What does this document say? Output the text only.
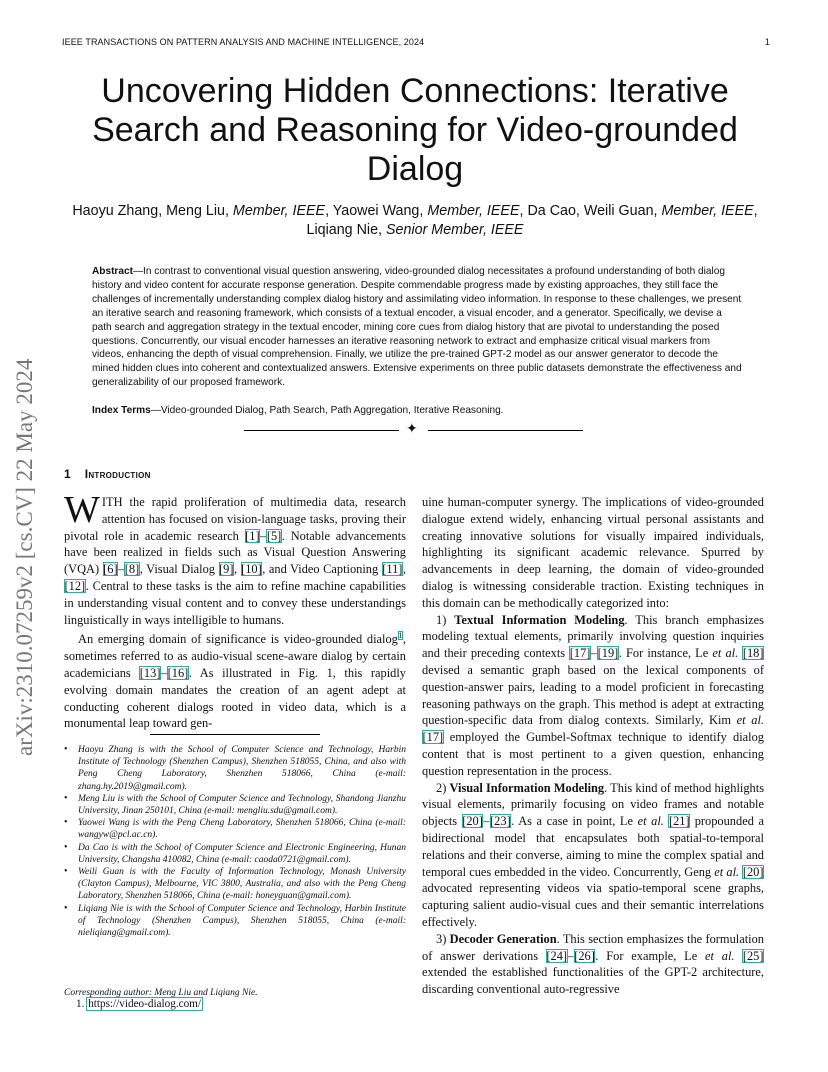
IEEE TRANSACTIONS ON PATTERN ANALYSIS AND MACHINE INTELLIGENCE, 2024	1
Uncovering Hidden Connections: Iterative Search and Reasoning for Video-grounded Dialog
Haoyu Zhang, Meng Liu, Member, IEEE, Yaowei Wang, Member, IEEE, Da Cao, Weili Guan, Member, IEEE, Liqiang Nie, Senior Member, IEEE
arXiv:2310.07259v2 [cs.CV] 22 May 2024
Abstract—In contrast to conventional visual question answering, video-grounded dialog necessitates a profound understanding of both dialog history and video content for accurate response generation. Despite commendable progress made by existing approaches, they still face the challenges of incrementally understanding complex dialog history and assimilating video information. In response to these challenges, we present an iterative search and reasoning framework, which consists of a textual encoder, a visual encoder, and a generator. Specifically, we devise a path search and aggregation strategy in the textual encoder, mining core cues from dialog history that are pivotal to understanding the posed questions. Concurrently, our visual encoder harnesses an iterative reasoning network to extract and emphasize critical visual markers from videos, enhancing the depth of visual comprehension. Finally, we utilize the pre-trained GPT-2 model as our answer generator to decode the mined hidden clues into coherent and contextualized answers. Extensive experiments on three public datasets demonstrate the effectiveness and generalizability of our proposed framework.
Index Terms—Video-grounded Dialog, Path Search, Path Aggregation, Iterative Reasoning.
✦
1 Introduction

WITH the rapid proliferation of multimedia data, research attention has focused on vision-language tasks, proving their pivotal role in academic research [1]–[5]. Notable advancements have been realized in fields such as Visual Question Answering (VQA) [6]–[8], Visual Dialog [9], [10], and Video Captioning [11], [12]. Central to these tasks is the aim to refine machine capabilities in understanding visual content and to convey these understandings linguistically in ways intelligible to humans.

An emerging domain of significance is video-grounded dialog$^1$, sometimes referred to as audio-visual scene-aware dialog by certain academicians [13]–[16]. As illustrated in Fig. 1, this rapidly evolving domain mandates the creation of an agent adept at conducting coherent dialogs rooted in video data, which is a monumental leap toward gen-

uine human-computer synergy. The implications of video-grounded dialogue extend widely, enhancing virtual personal assistants and creating innovative solutions for visually impaired individuals, highlighting its significant academic relevance. Spurred by advancements in deep learning, the domain of video-grounded dialog is witnessing considerable traction. Existing techniques in this domain can be methodically categorized into:

1) Textual Information Modeling. This branch emphasizes modeling textual elements, primarily involving question inquiries and their preceding contexts [17]–[19]. For instance, Le et al. [18] devised a semantic graph based on the lexical components of question-answer pairs, leading to a model proficient in forecasting reasoning pathways on the graph. This method is adept at extracting question-specific data from dialog contexts. Similarly, Kim et al. [17] employed the Gumbel-Softmax technique to identify dialog content that is most pertinent to a given question, enhancing question representation in the process.

2) Visual Information Modeling. This kind of method highlights visual elements, primarily focusing on video frames and notable objects [20]–[23]. As a case in point, Le et al. [21] propounded a bidirectional model that encapsulates both spatial-to-temporal relations and their converse, aiming to mine the complex spatial and temporal cues embedded in the video. Concurrently, Geng et al. [20] advocated representing videos via spatio-temporal scene graphs, capturing salient audio-visual cues and their semantic interrelations effectively.

3) Decoder Generation. This section emphasizes the formulation of answer derivations [24]–[26]. For example, Le et al. [25] extended the established functionalities of the GPT-2 architecture, discarding conventional auto-regressive

• Haoyu Zhang is with the School of Computer Science and Technology, Harbin Institute of Technology (Shenzhen Campus), Shenzhen 518055, China, and also with Peng Cheng Laboratory, Shenzhen 518066, China (e-mail: zhang.hy.2019@gmail.com).
• Meng Liu is with the School of Computer Science and Technology, Shandong Jianzhu University, Jinan 250101, China (e-mail: mengliu.sdu@gmail.com).
• Yaowei Wang is with the Peng Cheng Laboratory, Shenzhen 518066, China (e-mail: wangyw@pcl.ac.cn).
• Da Cao is with the School of Computer Science and Electronic Engineering, Hunan University, Changsha 410082, China (e-mail: caoda0721@gmail.com).
• Weili Guan is with the Faculty of Information Technology, Monash University (Clayton Campus), Melbourne, VIC 3800, Australia, and also with the Peng Cheng Laboratory, Shenzhen 518066, China (e-mail: honeyguan@gmail.com).
• Liqiang Nie is with the School of Computer Science and Technology, Harbin Institute of Technology (Shenzhen Campus), Shenzhen 518055, China (e-mail: nieliqiang@gmail.com).
Corresponding author: Meng Liu and Liqiang Nie.
1. https://video-dialog.com/
